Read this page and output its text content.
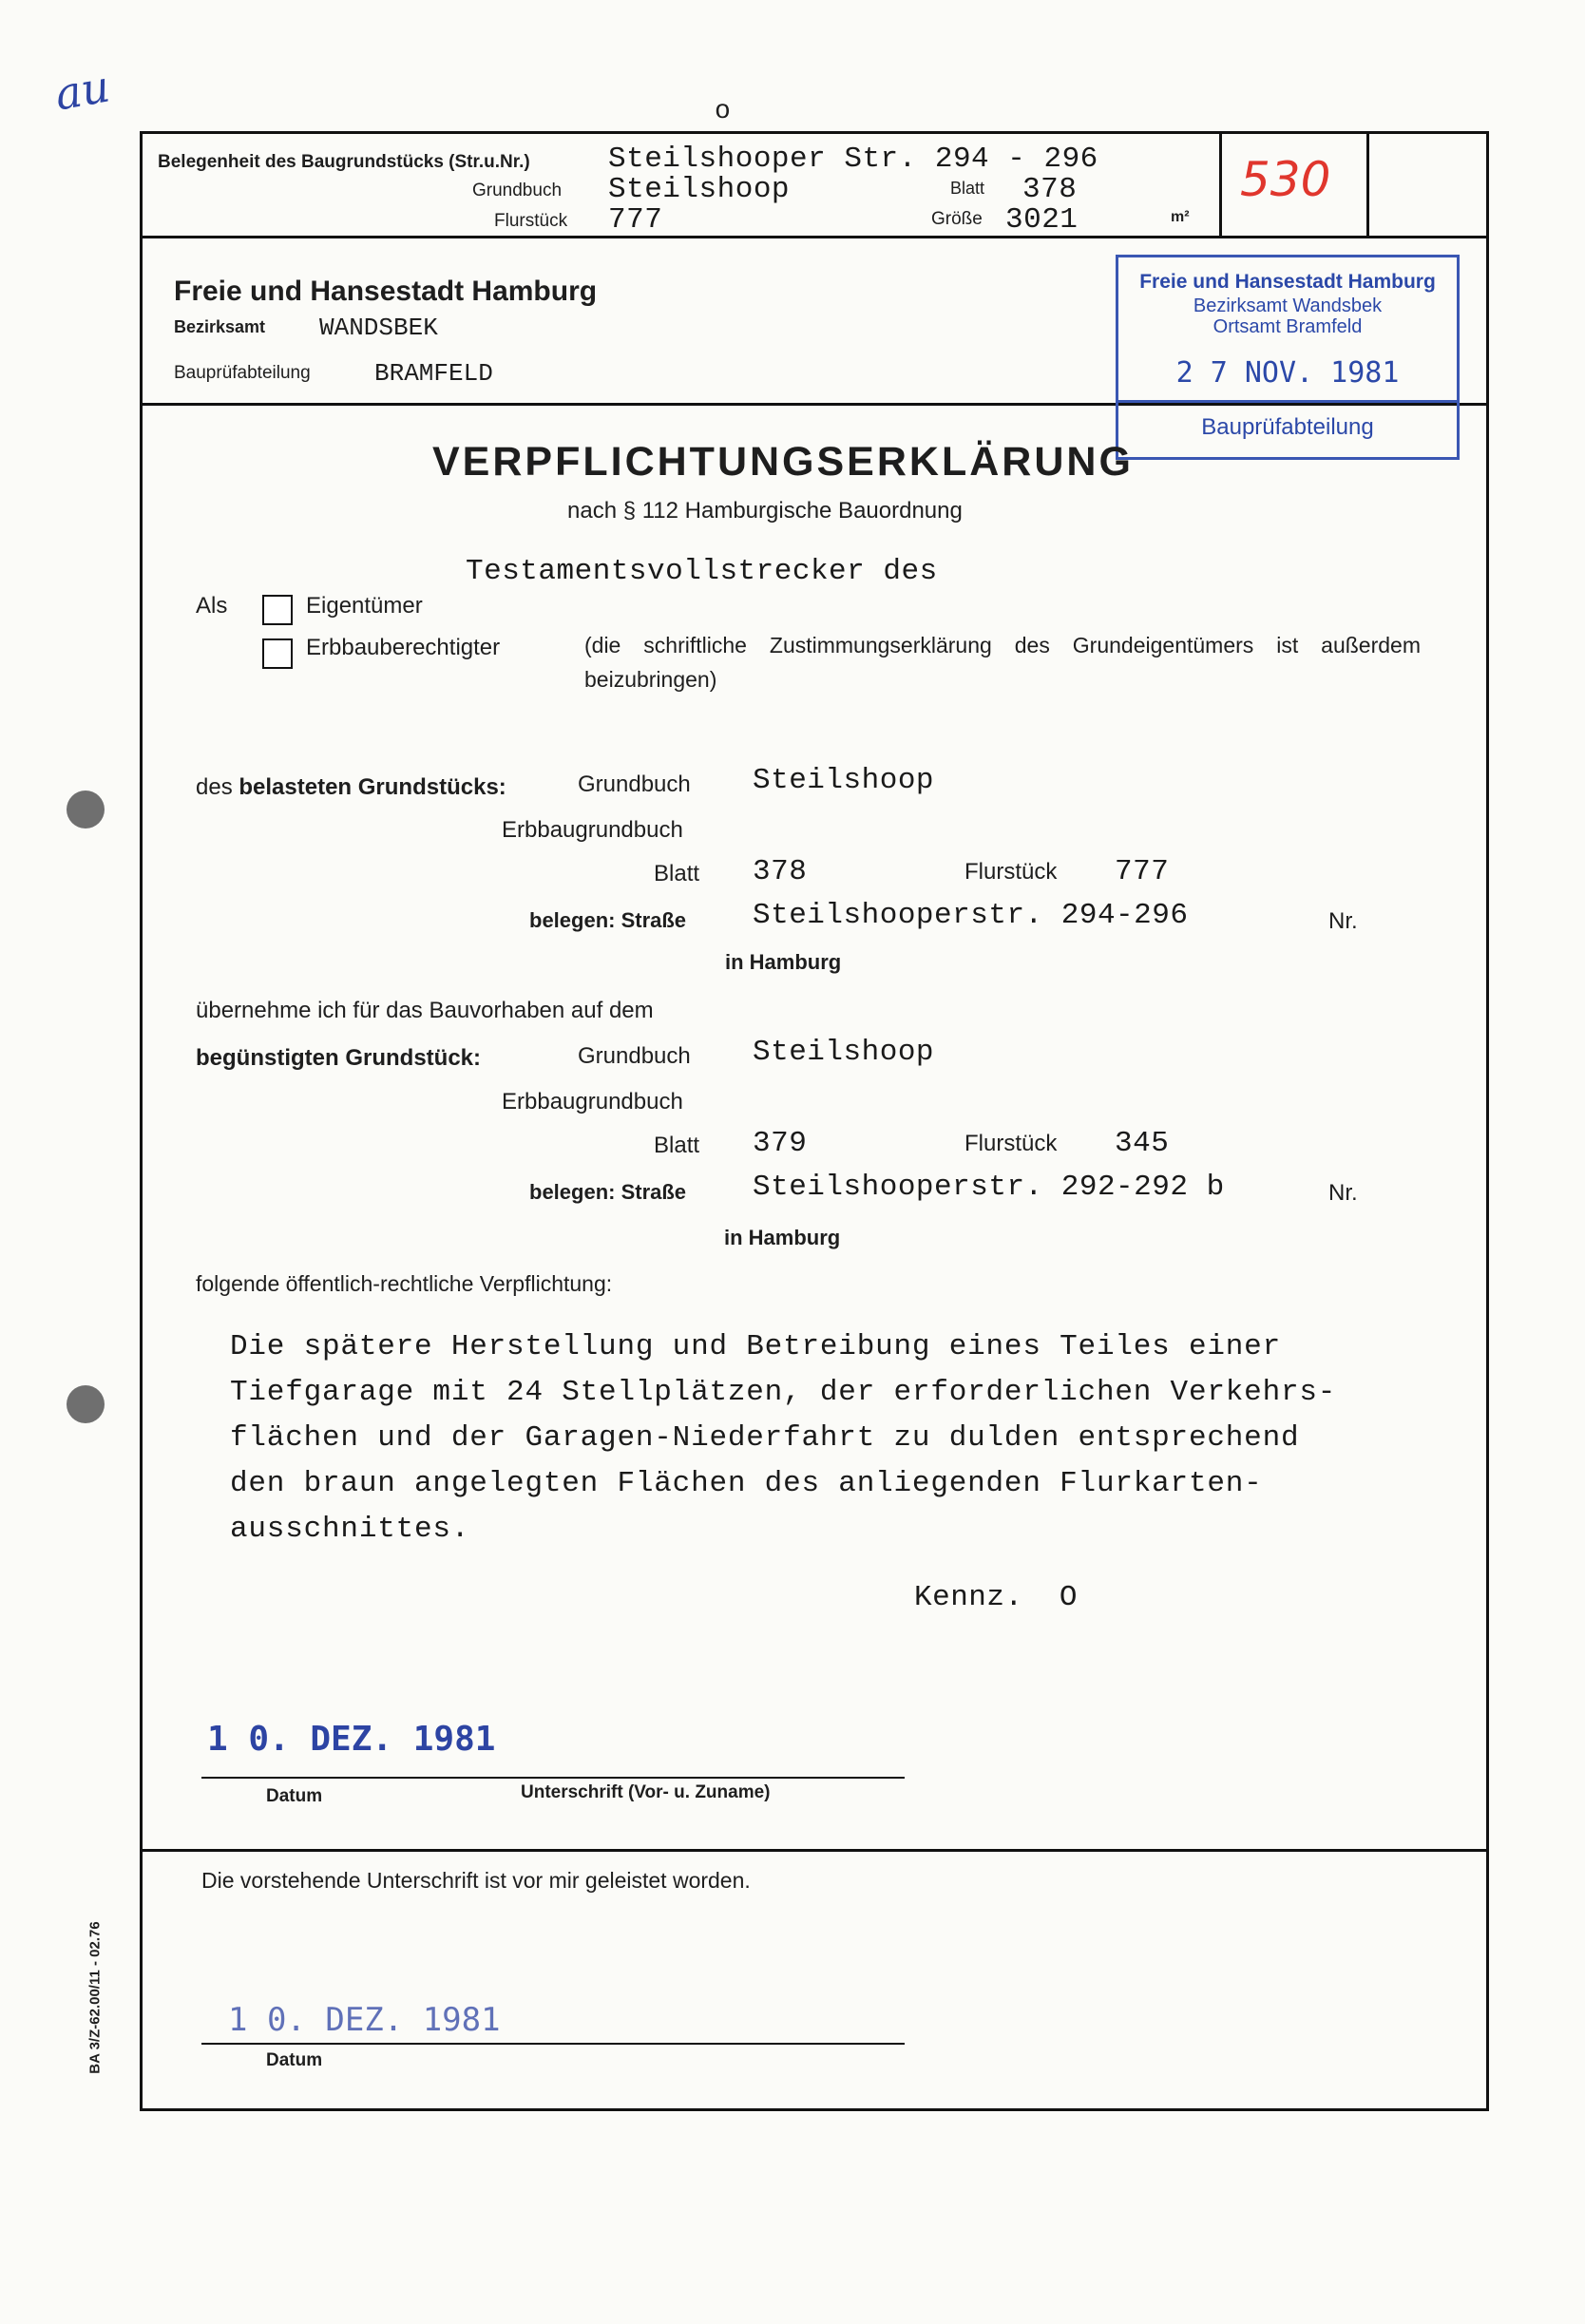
au	o
Belegenheit des Baugrundstücks (Str.u.Nr.)	Steilshooper Str. 294 - 296
Grundbuch Steilshoop	Blatt 378
Flurstück 777	Größe 3021	m²
530
Freie und Hansestadt Hamburg
Bezirksamt WANDSBEK
Bauprüfabteilung	BRAMFELD
Freie und Hansestadt Hamburg
Bezirksamt Wandsbek
Ortsamt Bramfeld
2 7 NOV. 1981
Bauprüfabteilung
VERPFLICHTUNGSERKLÄRUNG
nach § 112 Hamburgische Bauordnung
Testamentsvollstrecker des
Als	Eigentümer
Erbbauberechtigter	(die schriftliche Zustimmungserklärung des Grundeigentümers ist außerdem beizubringen)
des belasteten Grundstücks:	Grundbuch Steilshoop
Erbbaugrundbuch
Blatt 378	Flurstück 777
belegen: Straße Steilshooperstr. 294-296	Nr.
in Hamburg
übernehme ich für das Bauvorhaben auf dem
begünstigten Grundstück:	Grundbuch Steilshoop
Erbbaugrundbuch
Blatt 379	Flurstück 345
belegen: Straße Steilshooperstr. 292-292 b	Nr.
in Hamburg
folgende öffentlich-rechtliche Verpflichtung:
Die spätere Herstellung und Betreibung eines Teiles einer
Tiefgarage mit 24 Stellplätzen, der erforderlichen Verkehrs-
flächen und der Garagen-Niederfahrt zu dulden entsprechend
den braun angelegten Flächen des anliegenden Flurkarten-
ausschnittes.
Kennz.  O
1 0. DEZ. 1981
Datum	Unterschrift (Vor- u. Zuname)
Die vorstehende Unterschrift ist vor mir geleistet worden.
1 0. DEZ. 1981
Datum
BA 3/Z-62.00/11 - 02.76
